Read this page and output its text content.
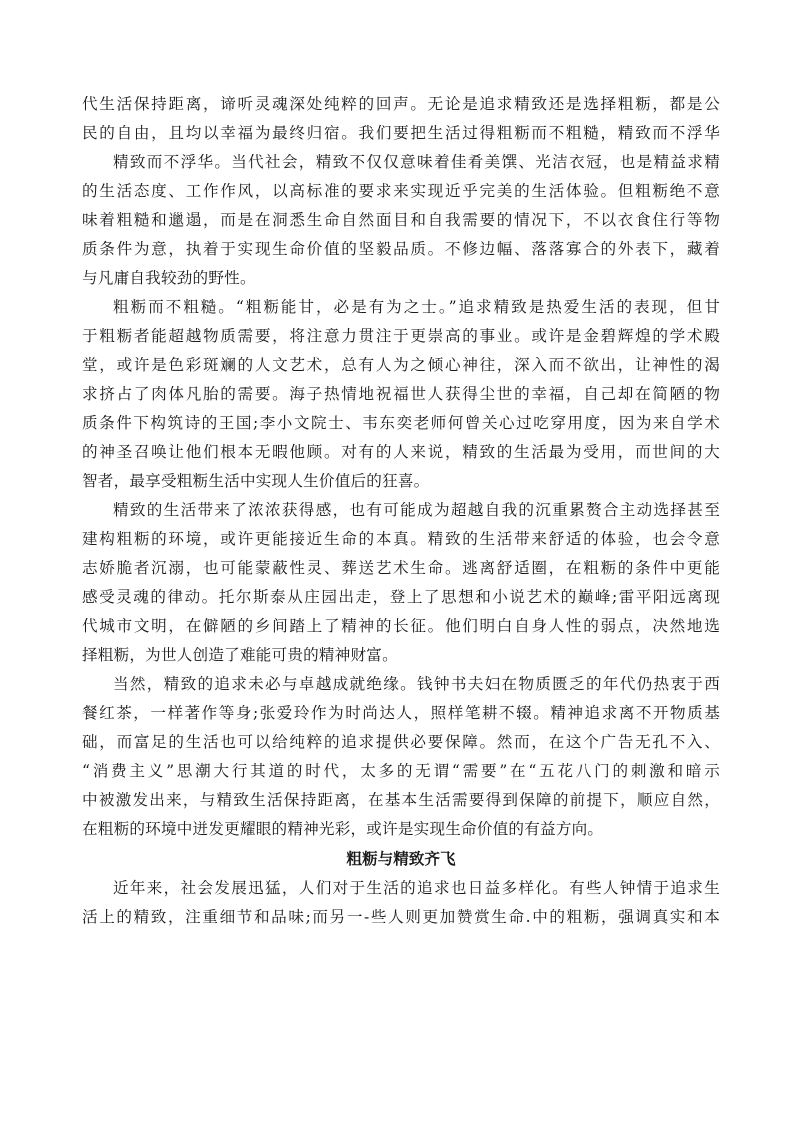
代生活保持距离，谛听灵魂深处纯粹的回声。无论是追求精致还是选择粗粝，都是公
民的自由，且均以幸福为最终归宿。我们要把生活过得粗粝而不粗糙，精致而不浮华
精致而不浮华。当代社会，精致不仅仅意味着佳肴美馔、光洁衣冠，也是精益求精
的生活态度、工作作风，以高标准的要求来实现近乎完美的生活体验。但粗粝绝不意
味着粗糙和邋遢，而是在洞悉生命自然面目和自我需要的情况下，不以衣食住行等物
质条件为意，执着于实现生命价值的坚毅品质。不修边幅、落落寡合的外表下，藏着
与凡庸自我较劲的野性。
粗粝而不粗糙。“粗粝能甘，必是有为之士。”追求精致是热爱生活的表现，但甘
于粗粝者能超越物质需要，将注意力贯注于更崇高的事业。或许是金碧辉煌的学术殿
堂，或许是色彩斑斓的人文艺术，总有人为之倾心神往，深入而不欲出，让神性的渴
求挤占了肉体凡胎的需要。海子热情地祝福世人获得尘世的幸福，自己却在简陋的物
质条件下构筑诗的王国;李小文院士、韦东奕老师何曾关心过吃穿用度，因为来自学术
的神圣召唤让他们根本无暇他顾。对有的人来说，精致的生活最为受用，而世间的大
智者，最享受粗粝生活中实现人生价值后的狂喜。
精致的生活带来了浓浓获得感，也有可能成为超越自我的沉重累赘合主动选择甚至
建构粗粝的环境，或许更能接近生命的本真。精致的生活带来舒适的体验，也会令意
志娇脆者沉溺，也可能蒙蔽性灵、葬送艺术生命。逃离舒适圈，在粗粝的条件中更能
感受灵魂的律动。托尔斯泰从庄园出走，登上了思想和小说艺术的巅峰;雷平阳远离现
代城市文明，在僻陋的乡间踏上了精神的长征。他们明白自身人性的弱点，决然地选
择粗粝，为世人创造了难能可贵的精神财富。
当然，精致的追求未必与卓越成就绝缘。钱钟书夫妇在物质匮乏的年代仍热衷于西
餐红茶，一样著作等身;张爱玲作为时尚达人，照样笔耕不辍。精神追求离不开物质基
础，而富足的生活也可以给纯粹的追求提供必要保障。然而，在这个广告无孔不入、
“消费主义”思潮大行其道的时代，太多的无谓“需要”在“五花八门的刺激和暗示
中被激发出来，与精致生活保持距离，在基本生活需要得到保障的前提下，顺应自然，
在粗粝的环境中迸发更耀眼的精神光彩，或许是实现生命价值的有益方向。
粗粝与精致齐飞
近年来，社会发展迅猛，人们对于生活的追求也日益多样化。有些人钟情于追求生
活上的精致，注重细节和品味;而另一-些人则更加赞赏生命.中的粗粝，强调真实和本
